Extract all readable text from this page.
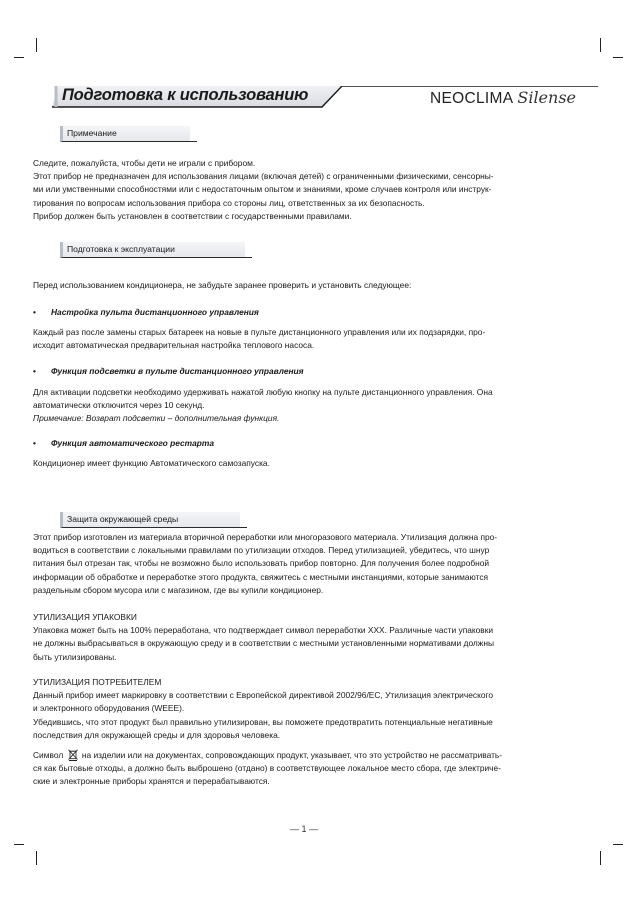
Подготовка к использованию	NEOCLIMA Silense
Примечание
Следите, пожалуйста, чтобы дети не играли с прибором.
Этот прибор не предназначен для использования лицами (включая детей) с ограниченными физическими, сенсорны-
ми или умственными способностями или с недостаточным опытом и знаниями, кроме случаев контроля или инструк-
тирования по вопросам использования прибора со стороны лиц, ответственных за их безопасность.
Прибор должен быть установлен в соответствии с государственными правилами.
Подготовка к эксплуатации
Перед использованием кондиционера, не забудьте заранее проверить и установить следующее:
• Настройка пульта дистанционного управления
Каждый раз после замены старых батареек на новые в пульте дистанционного управления или их подзарядки, про-
исходит автоматическая предварительная настройка теплового насоса.
• Функция подсветки в пульте дистанционного управления
Для активации подсветки необходимо удерживать нажатой любую кнопку на пульте дистанционного управления. Она
автоматически отключится через 10 секунд.
Примечание: Возврат подсветки – дополнительная функция.
• Функция автоматического рестарта
Кондиционер имеет функцию Автоматического самозапуска.
Защита окружающей среды
Этот прибор изготовлен из материала вторичной переработки или многоразового материала. Утилизация должна про-
водиться в соответствии с локальными правилами по утилизации отходов. Перед утилизацией, убедитесь, что шнур
питания был отрезан так, чтобы не возможно было использовать прибор повторно. Для получения более подробной
информации об обработке и переработке этого продукта, свяжитесь с местными инстанциями, которые занимаются
раздельным сбором мусора или с магазином, где вы купили кондиционер.
УТИЛИЗАЦИЯ УПАКОВКИ
Упаковка может быть на 100% переработана, что подтверждает символ переработки XXX. Различные части упаковки
не должны выбрасываться в окружающую среду и в соответствии с местными установленными нормативами должны
быть утилизированы.
УТИЛИЗАЦИЯ ПОТРЕБИТЕЛЕМ
Данный прибор имеет маркировку в соответствии с Европейской директивой 2002/96/EC, Утилизация электрического
и электронного оборудования (WEEE).
Убедившись, что этот продукт был правильно утилизирован, вы поможете предотвратить потенциальные негативные
последствия для окружающей среды и для здоровья человека.
Символ на изделии или на документах, сопровождающих продукт, указывает, что это устройство не рассматривать-
ся как бытовые отходы, а должно быть выброшено (отдано) в соответствующее локальное место сбора, где электриче-
ские и электронные приборы хранятся и перерабатываются.
— 1 —
